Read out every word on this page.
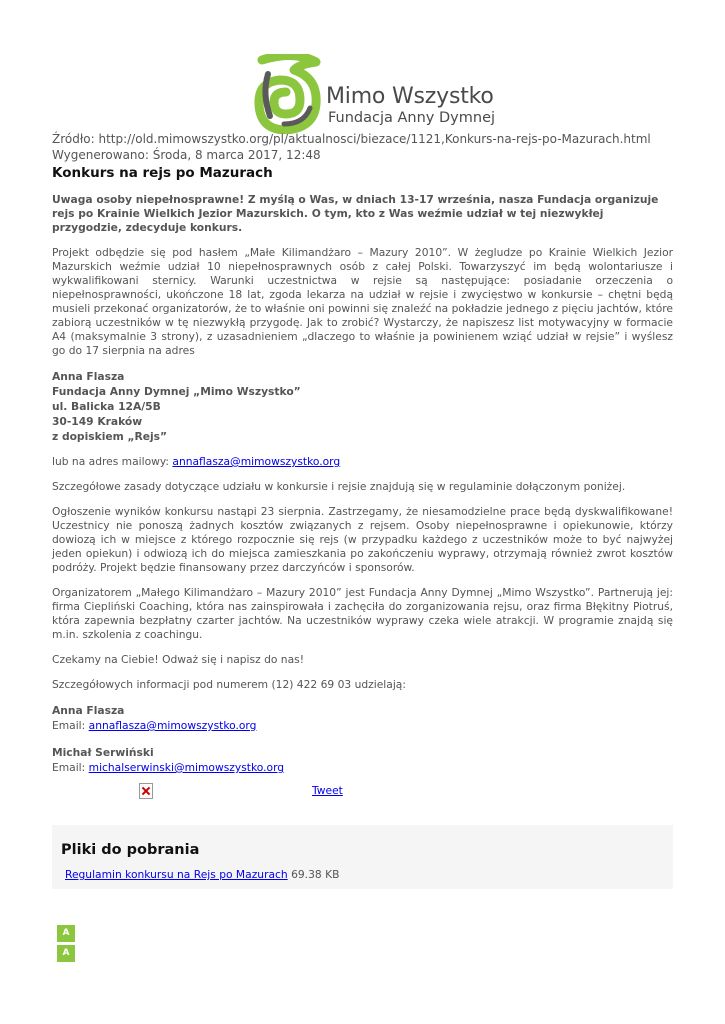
Mimo Wszystko
Fundacja Anny Dymnej
Źródło: http://old.mimowszystko.org/pl/aktualnosci/biezace/1121,Konkurs-na-rejs-po-Mazurach.html
Wygenerowano: Środa, 8 marca 2017, 12:48
Konkurs na rejs po Mazurach

Uwaga osoby niepełnosprawne! Z myślą o Was, w dniach 13-17 września, nasza Fundacja organizuje rejs po Krainie Wielkich Jezior Mazurskich. O tym, kto z Was weźmie udział w tej niezwykłej przygodzie, zdecyduje konkurs.

Projekt odbędzie się pod hasłem „Małe Kilimandżaro – Mazury 2010”. W żegludze po Krainie Wielkich Jezior Mazurskich weźmie udział 10 niepełnosprawnych osób z całej Polski. Towarzyszyć im będą wolontariusze i wykwalifikowani sternicy. Warunki uczestnictwa w rejsie są następujące: posiadanie orzeczenia o niepełnosprawności, ukończone 18 lat, zgoda lekarza na udział w rejsie i zwycięstwo w konkursie – chętni będą musieli przekonać organizatorów, że to właśnie oni powinni się znaleźć na pokładzie jednego z pięciu jachtów, które zabiorą uczestników w tę niezwykłą przygodę. Jak to zrobić? Wystarczy, że napiszesz list motywacyjny w formacie A4 (maksymalnie 3 strony), z uzasadnieniem „dlaczego to właśnie ja powinienem wziąć udział w rejsie” i wyślesz go do 17 sierpnia na adres

Anna Flasza
Fundacja Anny Dymnej „Mimo Wszystko”
ul. Balicka 12A/5B
30-149 Kraków
z dopiskiem „Rejs”

lub na adres mailowy: annaflasza@mimowszystko.org

Szczegółowe zasady dotyczące udziału w konkursie i rejsie znajdują się w regulaminie dołączonym poniżej.

Ogłoszenie wyników konkursu nastąpi 23 sierpnia. Zastrzegamy, że niesamodzielne prace będą dyskwalifikowane! Uczestnicy nie ponoszą żadnych kosztów związanych z rejsem. Osoby niepełnosprawne i opiekunowie, którzy dowiozą ich w miejsce z którego rozpocznie się rejs (w przypadku każdego z uczestników może to być najwyżej jeden opiekun) i odwiozą ich do miejsca zamieszkania po zakończeniu wyprawy, otrzymają również zwrot kosztów podróży. Projekt będzie finansowany przez darczyńców i sponsorów.

Organizatorem „Małego Kilimandżaro – Mazury 2010” jest Fundacja Anny Dymnej „Mimo Wszystko”. Partnerują jej: firma Ciepliński Coaching, która nas zainspirowała i zachęciła do zorganizowania rejsu, oraz firma Błękitny Piotruś, która zapewnia bezpłatny czarter jachtów. Na uczestników wyprawy czeka wiele atrakcji. W programie znajdą się m.in. szkolenia z coachingu.

Czekamy na Ciebie! Odważ się i napisz do nas!

Szczegółowych informacji pod numerem (12) 422 69 03 udzielają:

Anna Flasza
Email: annaflasza@mimowszystko.org
Michał Serwiński
Email: michalserwinski@mimowszystko.org
Tweet
Pliki do pobrania
Regulamin konkursu na Rejs po Mazurach 69.38 KB
A
A
